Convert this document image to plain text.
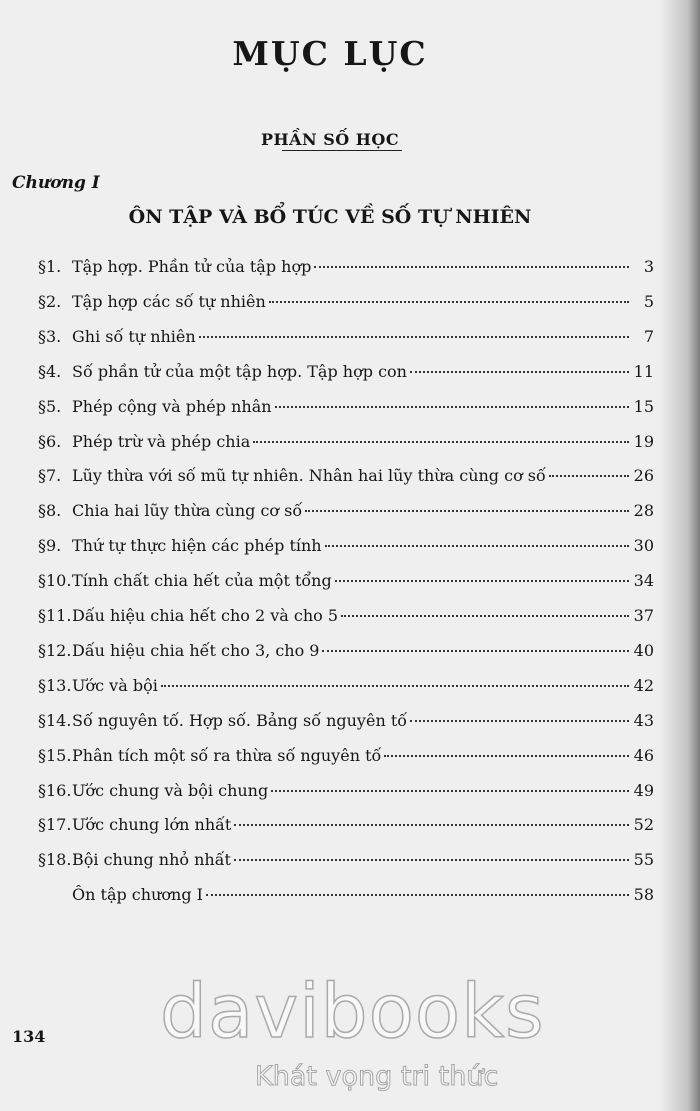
MỤC LỤC
PHẦN SỐ HỌC
Chương I
ÔN TẬP VÀ BỔ TÚC VỀ SỐ TỰ NHIÊN
§1. Tập hợp. Phần tử của tập hợp	3
§2. Tập hợp các số tự nhiên	5
§3. Ghi số tự nhiên	7
§4. Số phần tử của một tập hợp. Tập hợp con	11
§5. Phép cộng và phép nhân	15
§6. Phép trừ và phép chia	19
§7. Lũy thừa với số mũ tự nhiên. Nhân hai lũy thừa cùng cơ số	26
§8. Chia hai lũy thừa cùng cơ số	28
§9. Thứ tự thực hiện các phép tính	30
§10. Tính chất chia hết của một tổng	34
§11. Dấu hiệu chia hết cho 2 và cho 5	37
§12. Dấu hiệu chia hết cho 3, cho 9	40
§13. Ước và bội	42
§14. Số nguyên tố. Hợp số. Bảng số nguyên tố	43
§15. Phân tích một số ra thừa số nguyên tố	46
§16. Ước chung và bội chung	49
§17. Ước chung lớn nhất	52
§18. Bội chung nhỏ nhất	55
Ôn tập chương I	58
134 davibooks
Khát vọng tri thức
